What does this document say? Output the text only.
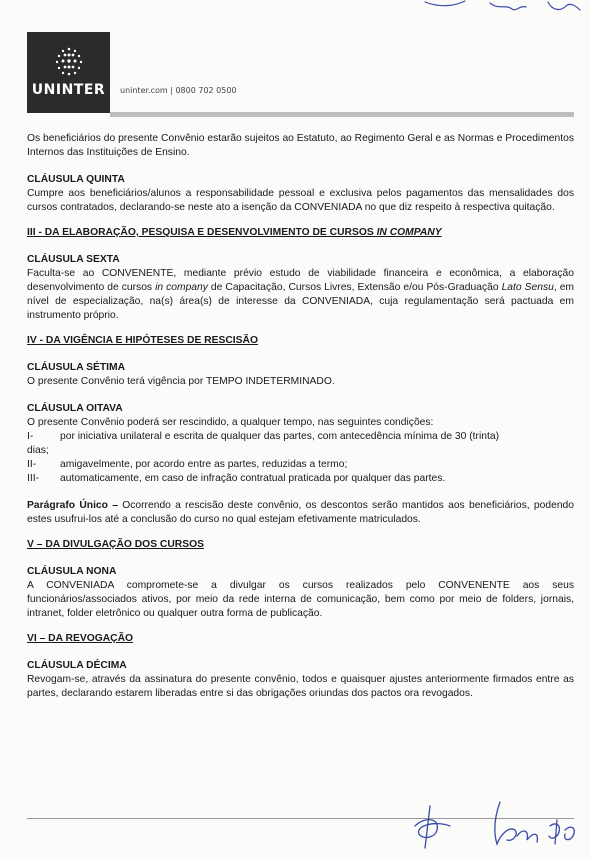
UNINTER	uninter.com | 0800 702 0500

Os beneficiários do presente Convênio estarão sujeitos ao Estatuto, ao Regimento Geral e as Normas e Procedimentos Internos das Instituições de Ensino.

CLÁUSULA QUINTA

Cumpre aos beneficiários/alunos a responsabilidade pessoal e exclusiva pelos pagamentos das mensalidades dos cursos contratados, declarando-se neste ato a isenção da CONVENIADA no que diz respeito à respectiva quitação.

III - DA ELABORAÇÃO, PESQUISA E DESENVOLVIMENTO DE CURSOS IN COMPANY

CLÁUSULA SEXTA

Faculta-se ao CONVENENTE, mediante prévio estudo de viabilidade financeira e econômica, a elaboração desenvolvimento de cursos in company de Capacitação, Cursos Livres, Extensão e/ou Pós-Graduação Lato Sensu, em nível de especialização, na(s) área(s) de interesse da CONVENIADA, cuja regulamentação será pactuada em instrumento próprio.

IV - DA VIGÊNCIA E HIPÓTESES DE RESCISÃO

CLÁUSULA SÉTIMA

O presente Convênio terá vigência por TEMPO INDETERMINADO.

CLÁUSULA OITAVA

O presente Convênio poderá ser rescindido, a qualquer tempo, nas seguintes condições:

I-	por iniciativa unilateral e escrita de qualquer das partes, com antecedência mínima de 30 (trinta)

dias;

II-	amigavelmente, por acordo entre as partes, reduzidas a termo;
III-	automaticamente, em caso de infração contratual praticada por qualquer das partes.

Parágrafo Único – Ocorrendo a rescisão deste convênio, os descontos serão mantidos aos beneficiários, podendo estes usufrui-los até a conclusão do curso no qual estejam efetivamente matriculados.

V – DA DIVULGAÇÃO DOS CURSOS

CLÁUSULA NONA

A CONVENIADA compromete-se a divulgar os cursos realizados pelo CONVENENTE aos seus funcionários/associados ativos, por meio da rede interna de comunicação, bem como por meio de folders, jornais, intranet, folder eletrônico ou qualquer outra forma de publicação.

VI – DA REVOGAÇÃO

CLÁUSULA DÉCIMA

Revogam-se, através da assinatura do presente convênio, todos e quaisquer ajustes anteriormente firmados entre as partes, declarando estarem liberadas entre si das obrigações oriundas dos pactos ora revogados.
